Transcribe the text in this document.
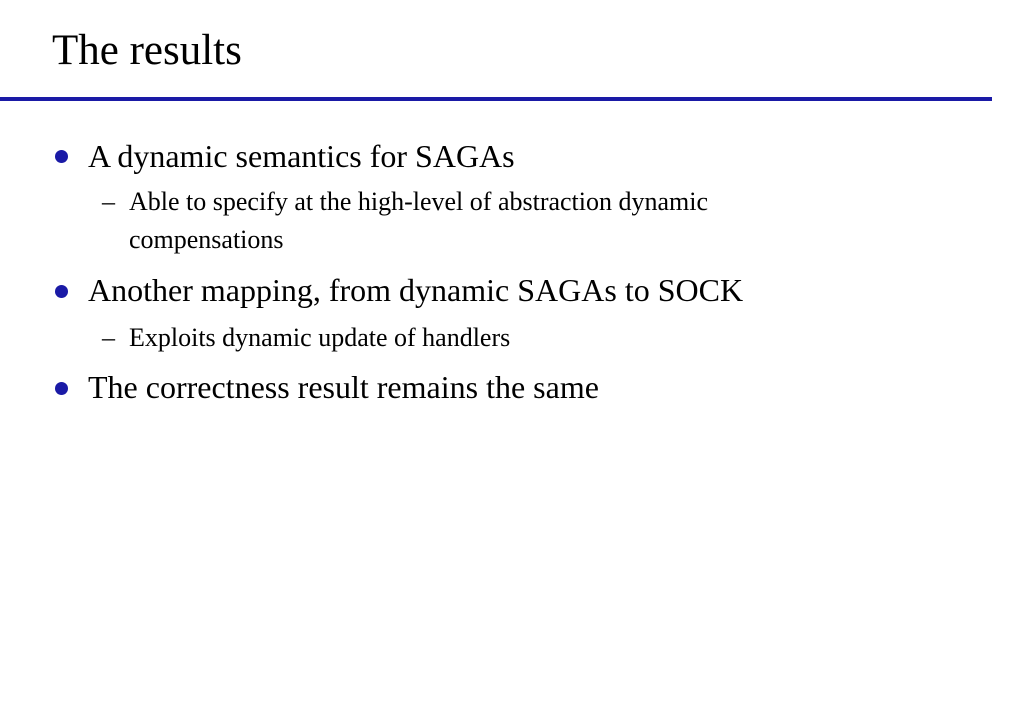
The results
A dynamic semantics for SAGAs
– Able to specify at the high-level of abstraction dynamic compensations
Another mapping, from dynamic SAGAs to SOCK
– Exploits dynamic update of handlers
The correctness result remains the same
